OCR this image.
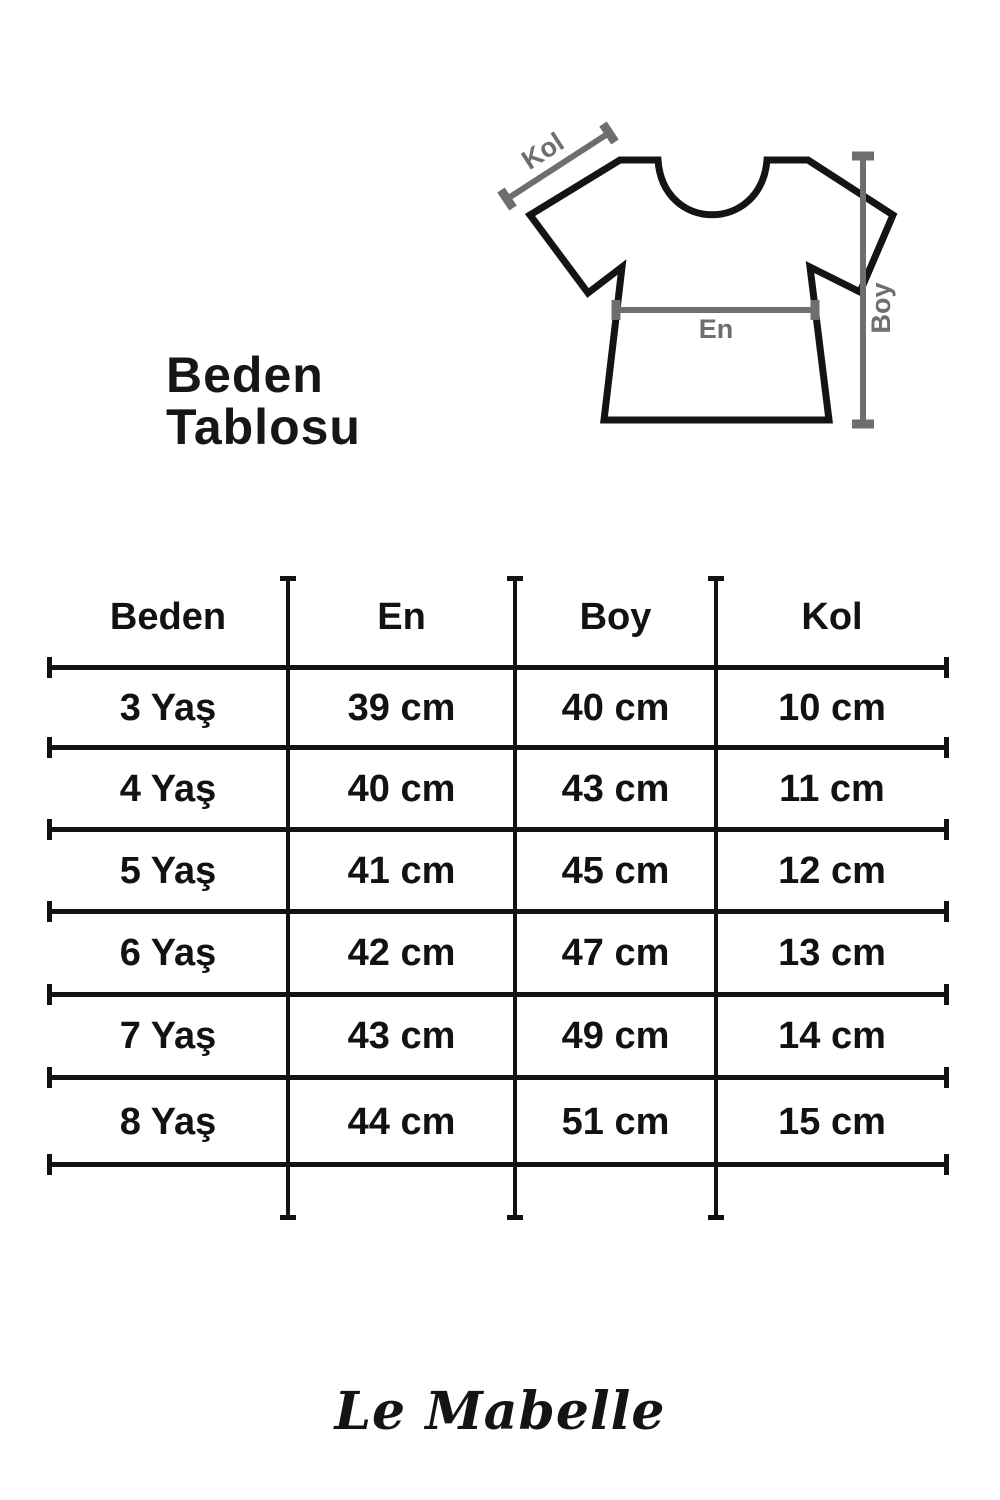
Kol
En	Boy
Beden
Tablosu
Beden	En	Boy	Kol
3 Yaş	39 cm	40 cm	10 cm
4 Yaş	40 cm	43 cm	11 cm
5 Yaş	41 cm	45 cm	12 cm
6 Yaş	42 cm	47 cm	13 cm
7 Yaş	43 cm	49 cm	14 cm
8 Yaş	44 cm	51 cm	15 cm
Le Mabelle
